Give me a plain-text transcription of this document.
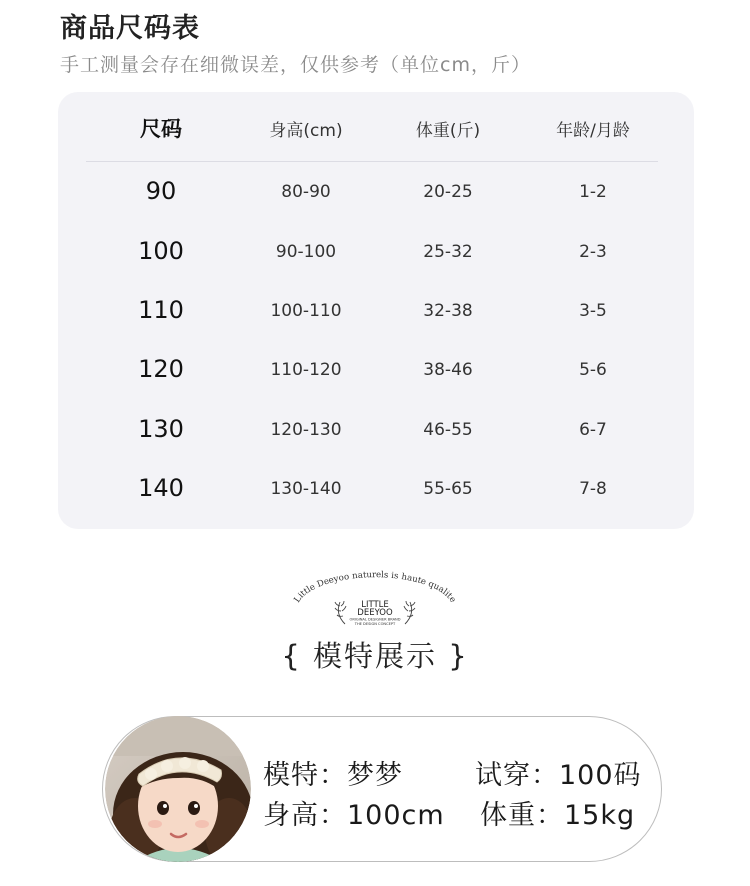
商品尺码表
手工测量会存在细微误差，仅供参考（单位cm，斤）
尺码	身高(cm)	体重(斤)	年龄/月龄
90	80-90	20-25	1-2
100	90-100	25-32	2-3
110	100-110	32-38	3-5
120	110-120	38-46	5-6
130	120-130	46-55	6-7
140	130-140	55-65	7-8
Little Deeyoo naturels is haute qualite
LITTLE
DEEYOO
ORIGINAL DESIGNER BRAND
THE DESIGN CONCEPT
{ 模特展示 }
模特：梦梦	试穿：100码
身高：100cm 体重：15kg
